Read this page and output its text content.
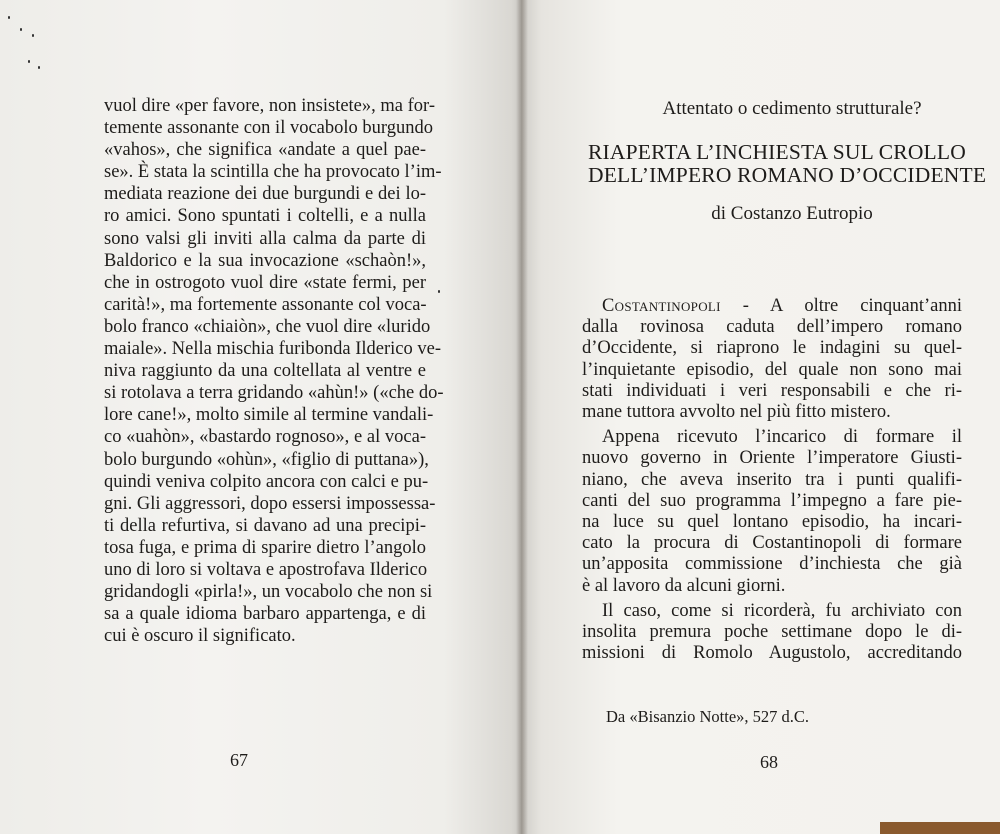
vuol dire «per favore, non insistete», ma for-
temente assonante con il vocabolo burgundo
«vahos», che significa «andate a quel pae-
se». È stata la scintilla che ha provocato l’im-
mediata reazione dei due burgundi e dei lo-
ro amici. Sono spuntati i coltelli, e a nulla
sono valsi gli inviti alla calma da parte di
Baldorico e la sua invocazione «schaòn!»,
che in ostrogoto vuol dire «state fermi, per
carità!», ma fortemente assonante col voca-
bolo franco «chiaiòn», che vuol dire «lurido
maiale». Nella mischia furibonda Ilderico ve-
niva raggiunto da una coltellata al ventre e
si rotolava a terra gridando «ahùn!» («che do-
lore cane!», molto simile al termine vandali-
co «uahòn», «bastardo rognoso», e al voca-
bolo burgundo «ohùn», «figlio di puttana»),
quindi veniva colpito ancora con calci e pu-
gni. Gli aggressori, dopo essersi impossessa-
ti della refurtiva, si davano ad una precipi-
tosa fuga, e prima di sparire dietro l’angolo
uno di loro si voltava e apostrofava Ilderico
gridandogli «pirla!», un vocabolo che non si
sa a quale idioma barbaro appartenga, e di
cui è oscuro il significato.
67
Attentato o cedimento strutturale?
RIAPERTA L’INCHIESTA SUL CROLLO
DELL’IMPERO ROMANO D’OCCIDENTE
di Costanzo Eutropio
Costantinopoli - A oltre cinquant’anni
dalla rovinosa caduta dell’impero romano
d’Occidente, si riaprono le indagini su quel-
l’inquietante episodio, del quale non sono mai
stati individuati i veri responsabili e che ri-
mane tuttora avvolto nel più fitto mistero.
Appena ricevuto l’incarico di formare il
nuovo governo in Oriente l’imperatore Giusti-
niano, che aveva inserito tra i punti qualifi-
canti del suo programma l’impegno a fare pie-
na luce su quel lontano episodio, ha incari-
cato la procura di Costantinopoli di formare
un’apposita commissione d’inchiesta che già
è al lavoro da alcuni giorni.
Il caso, come si ricorderà, fu archiviato con
insolita premura poche settimane dopo le di-
missioni di Romolo Augustolo, accreditando
Da «Bisanzio Notte», 527 d.C.
68
